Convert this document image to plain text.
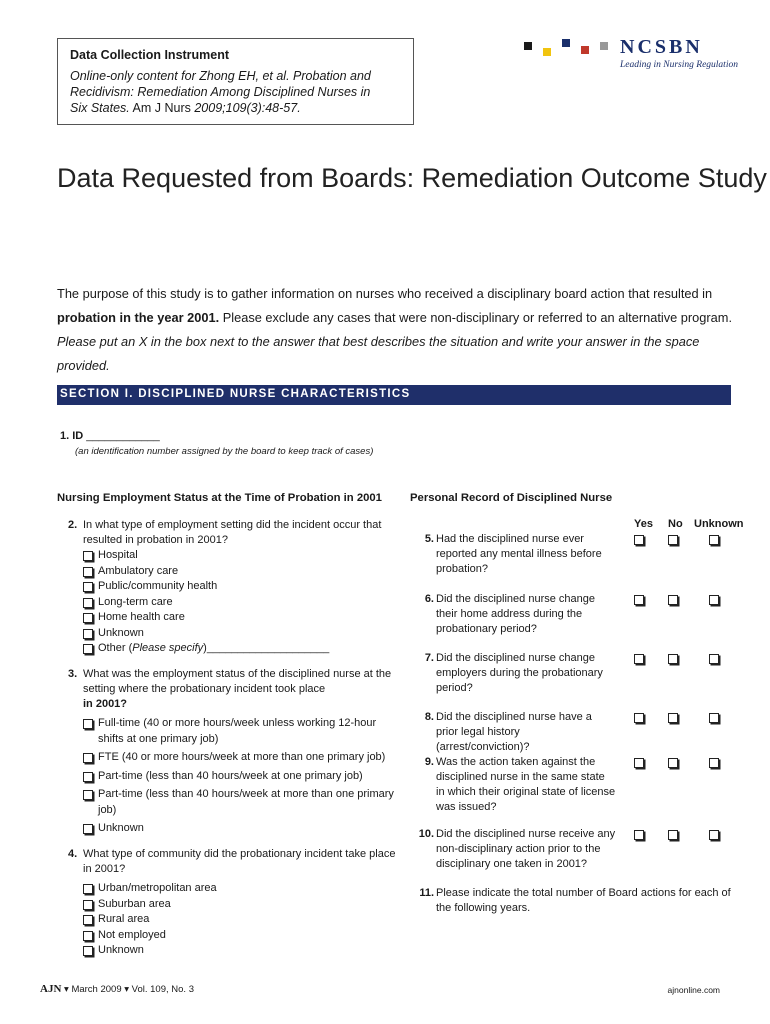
Data Collection Instrument
Online-only content for Zhong EH, et al. Probation and
Recidivism: Remediation Among Disciplined Nurses in
Six States. Am J Nurs 2009;109(3):48-57.
NCSBN
Leading in Nursing Regulation
Data Requested from Boards: Remediation Outcome Study
The purpose of this study is to gather information on nurses who received a disciplinary board action that resulted in
probation in the year 2001. Please exclude any cases that were non-disciplinary or referred to an alternative program.
Please put an X in the box next to the answer that best describes the situation and write your answer in the space provided.
SECTION I. DISCIPLINED NURSE CHARACTERISTICS
1. ID ____________
(an identification number assigned by the board to keep track of cases)
Nursing Employment Status at the Time of Probation in 2001 Personal Record of Disciplined Nurse
2. In what type of employment setting did the incident occur that resulted in probation in 2001?
Hospital
Ambulatory care
Public/community health
Long-term care
Home health care
Unknown
Other (Please specify)____________________
3. What was the employment status of the disciplined nurse at the setting where the probationary incident took place
in 2001?
Full-time (40 or more hours/week unless working 12-hour shifts at one primary job)
FTE (40 or more hours/week at more than one primary job)
Part-time (less than 40 hours/week at one primary job)
Part-time (less than 40 hours/week at more than one primary job)
Unknown
4. What type of community did the probationary incident take place in 2001?
Urban/metropolitan area
Suburban area
Rural area
Not employed
Unknown
Yes No Unknown
5. Had the disciplined nurse ever reported any mental illness before probation?
6. Did the disciplined nurse change their home address during the probationary period?
7. Did the disciplined nurse change employers during the probationary period?
8. Did the disciplined nurse have a prior legal history (arrest/conviction)?
9. Was the action taken against the disciplined nurse in the same state in which their original state of license was issued?
10. Did the disciplined nurse receive any non-disciplinary action prior to the disciplinary one taken in 2001?
11. Please indicate the total number of Board actions for each of the following years.
AJN ▾ March 2009 ▾ Vol. 109, No. 3	ajnonline.com
